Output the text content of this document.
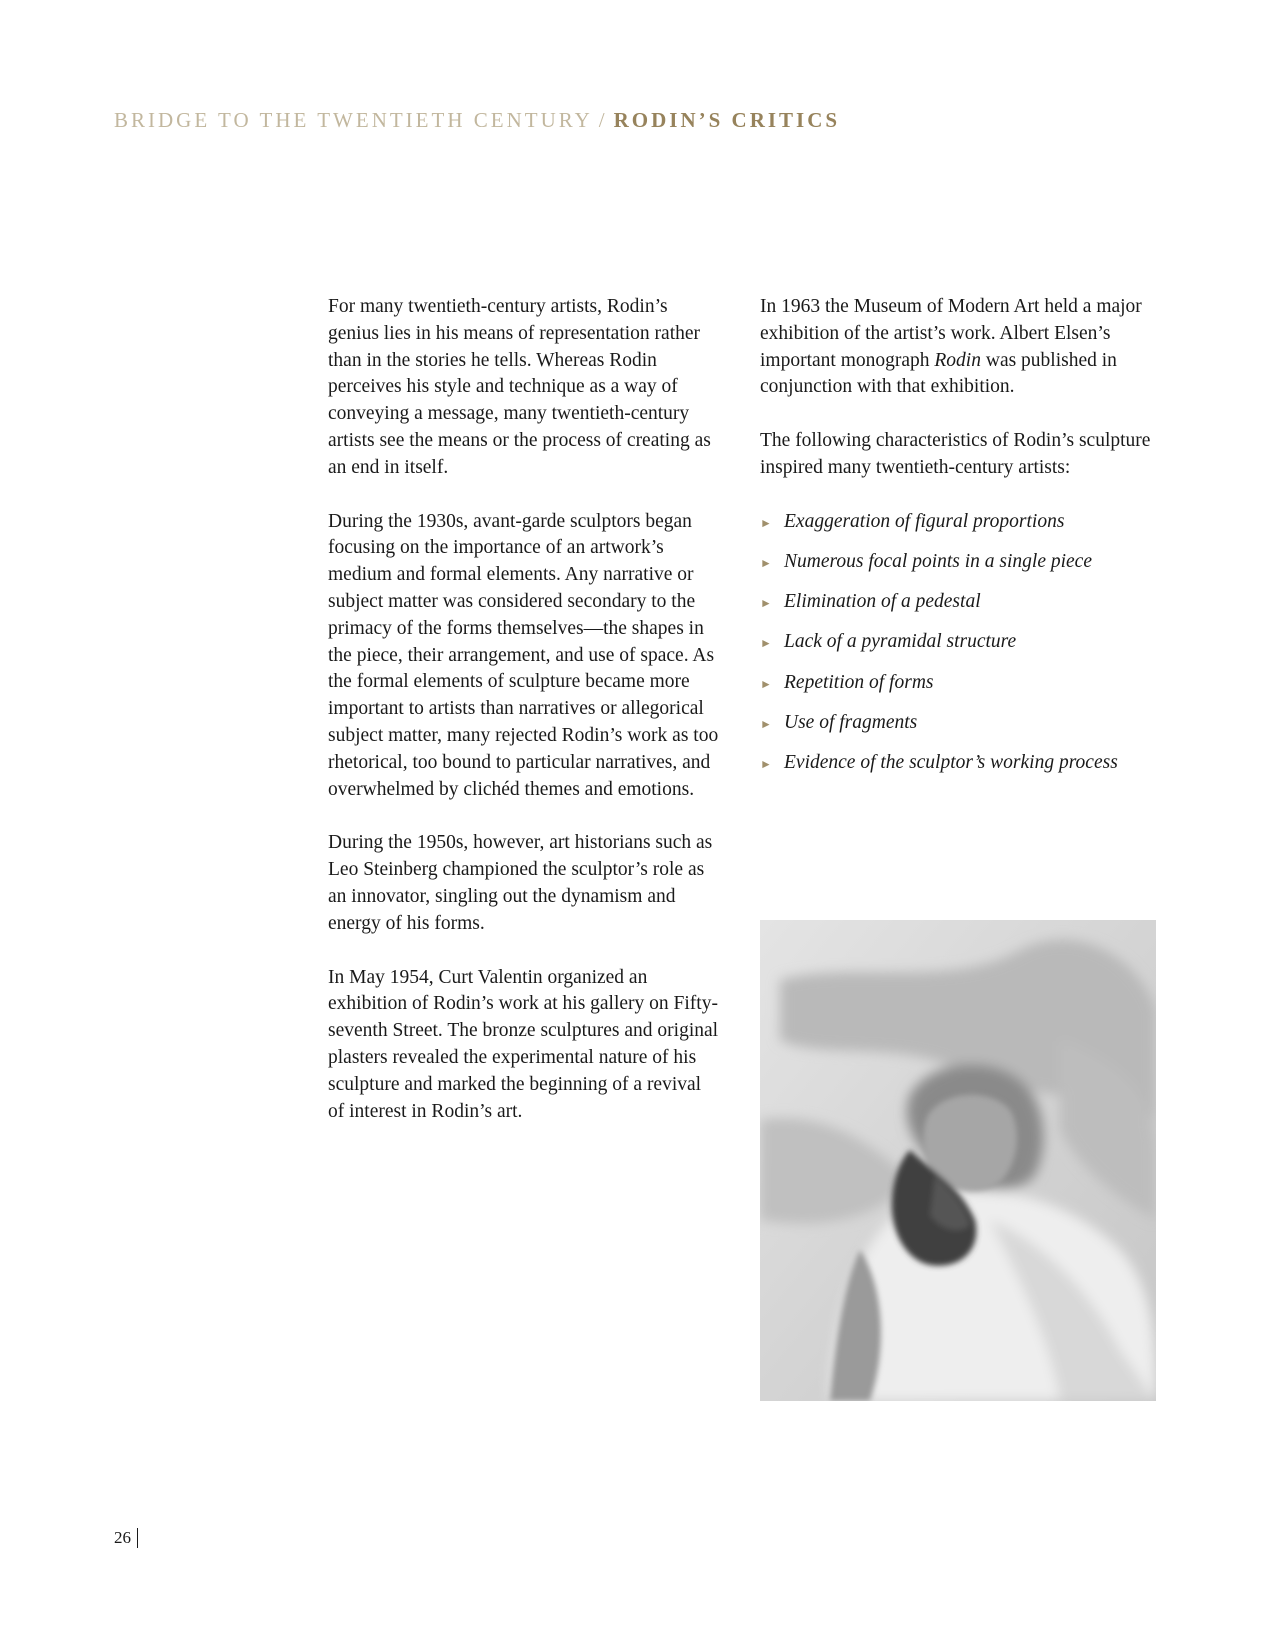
BRIDGE TO THE TWENTIETH CENTURY / RODIN’S CRITICS

For many twentieth-century artists, Rodin’s genius lies in his means of representation rather than in the stories he tells. Whereas Rodin perceives his style and technique as a way of conveying a message, many twentieth-century artists see the means or the process of creating as an end in itself.

During the 1930s, avant-garde sculptors began focusing on the importance of an artwork’s medium and formal elements. Any narrative or subject matter was considered secondary to the primacy of the forms themselves—the shapes in the piece, their arrangement, and use of space. As the formal elements of sculpture became more important to artists than narratives or allegorical subject matter, many rejected Rodin’s work as too rhetorical, too bound to particular narratives, and overwhelmed by clichéd themes and emotions.

During the 1950s, however, art historians such as Leo Steinberg championed the sculptor’s role as an innovator, singling out the dynamism and energy of his forms.

In May 1954, Curt Valentin organized an exhibition of Rodin’s work at his gallery on Fifty-seventh Street. The bronze sculptures and original plasters revealed the experimental nature of his sculpture and marked the beginning of a revival of interest in Rodin’s art.

In 1963 the Museum of Modern Art held a major exhibition of the artist’s work. Albert Elsen’s important monograph Rodin was published in conjunction with that exhibition.

The following characteristics of Rodin’s sculpture inspired many twentieth-century artists:

► Exaggeration of figural proportions
► Numerous focal points in a single piece
► Elimination of a pedestal
► Lack of a pyramidal structure
► Repetition of forms
► Use of fragments
► Evidence of the sculptor’s working process
26
